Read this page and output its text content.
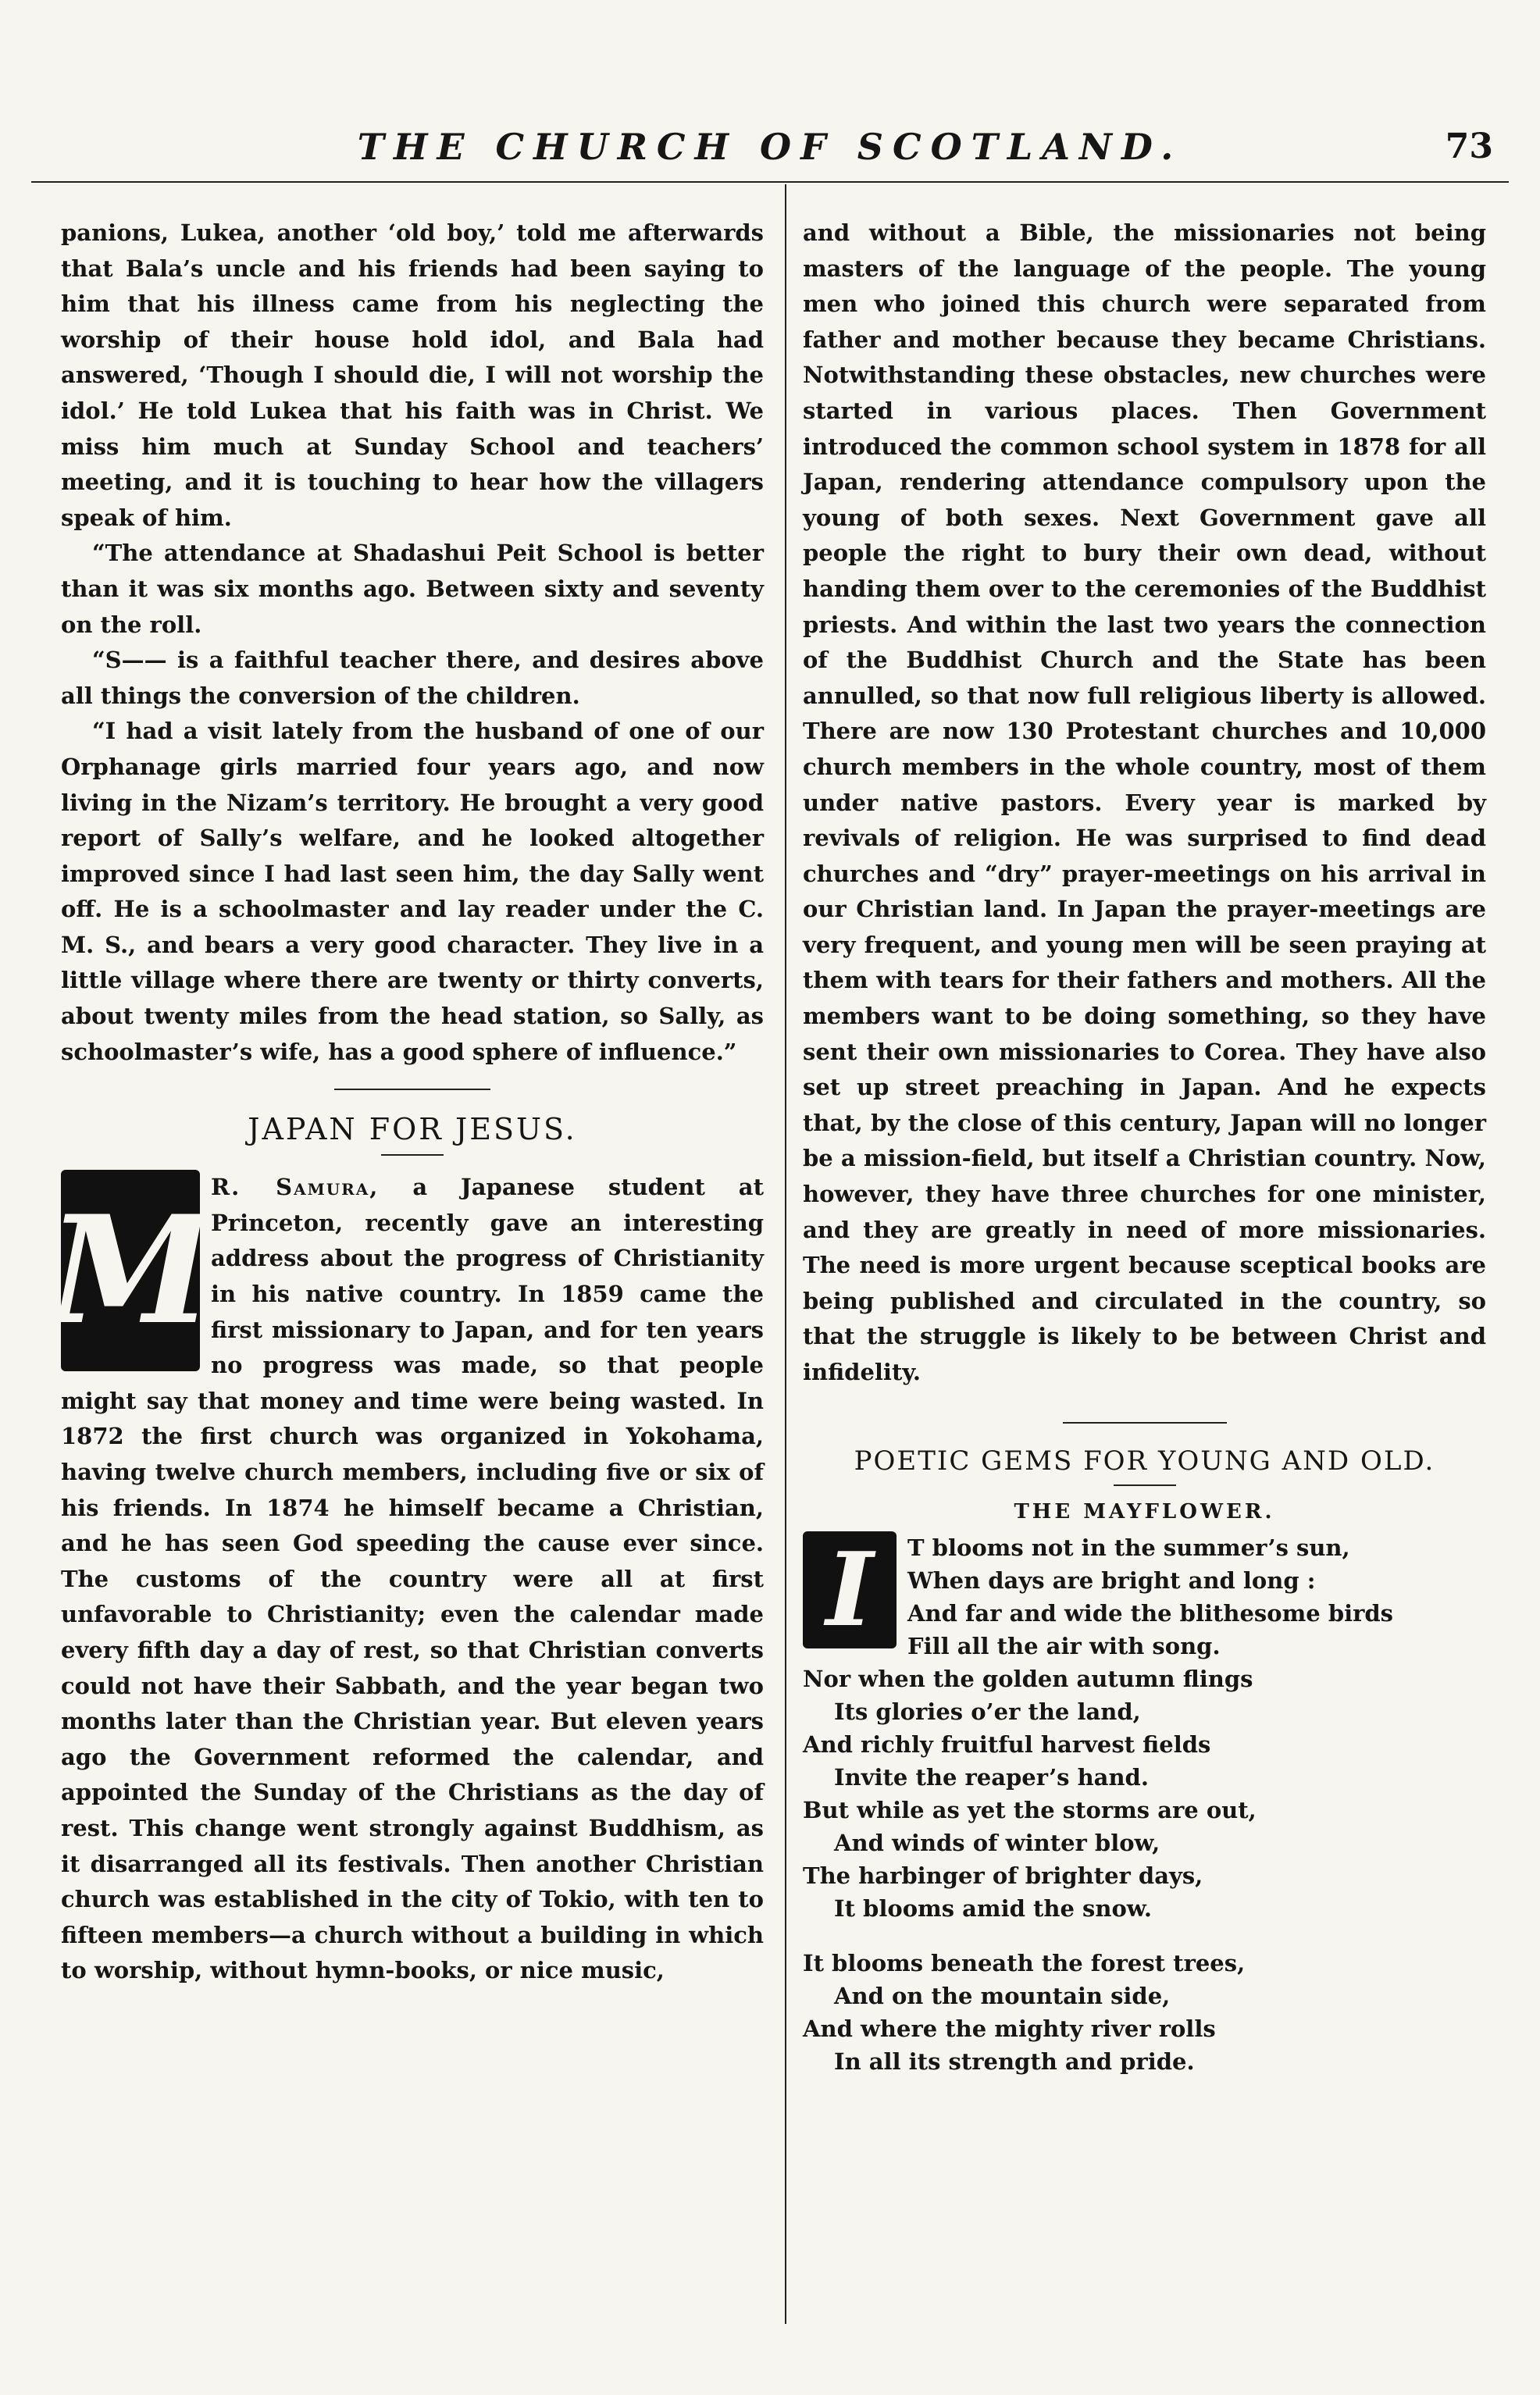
THE CHURCH OF SCOTLAND.	73

panions, Lukea, another ‘old boy,’ told me afterwards that Bala’s uncle and his friends had been saying to him that his illness came from his neglecting the worship of their house hold idol, and Bala had answered, ‘Though I should die, I will not worship the idol.’ He told Lukea that his faith was in Christ. We miss him much at Sunday School and teachers’ meeting, and it is touching to hear how the villagers speak of him.

“The attendance at Shadashui Peit School is better than it was six months ago. Between sixty and seventy on the roll.

“S—— is a faithful teacher there, and desires above all things the conversion of the children.

“I had a visit lately from the husband of one of our Orphanage girls married four years ago, and now living in the Nizam’s territory. He brought a very good report of Sally’s welfare, and he looked altogether improved since I had last seen him, the day Sally went off. He is a schoolmaster and lay reader under the C. M. S., and bears a very good character. They live in a little village where there are twenty or thirty converts, about twenty miles from the head station, so Sally, as schoolmaster’s wife, has a good sphere of influence.”

JAPAN FOR JESUS.
M

R. Samura, a Japanese student at Princeton, recently gave an interesting address about the progress of Christianity in his native country. In 1859 came the first missionary to Japan, and for ten years no progress was made, so that people might say that money and time were being wasted. In 1872 the first church was organized in Yokohama, having twelve church members, including five or six of his friends. In 1874 he himself became a Christian, and he has seen God speeding the cause ever since. The customs of the country were all at first unfavorable to Christianity; even the calendar made every fifth day a day of rest, so that Christian converts could not have their Sabbath, and the year began two months later than the Christian year. But eleven years ago the Government reformed the calendar, and appointed the Sunday of the Christians as the day of rest. This change went strongly against Buddhism, as it disarranged all its festivals. Then another Christian church was established in the city of Tokio, with ten to fifteen members—a church without a building in which to worship, without hymn-books, or nice music,

and without a Bible, the missionaries not being masters of the language of the people. The young men who joined this church were separated from father and mother because they became Christians. Notwithstanding these obstacles, new churches were started in various places. Then Government introduced the common school system in 1878 for all Japan, rendering attendance compulsory upon the young of both sexes. Next Government gave all people the right to bury their own dead, without handing them over to the ceremonies of the Buddhist priests. And within the last two years the connection of the Buddhist Church and the State has been annulled, so that now full religious liberty is allowed. There are now 130 Protestant churches and 10,000 church members in the whole country, most of them under native pastors. Every year is marked by revivals of religion. He was surprised to find dead churches and “dry” prayer-meetings on his arrival in our Christian land. In Japan the prayer-meetings are very frequent, and young men will be seen praying at them with tears for their fathers and mothers. All the members want to be doing something, so they have sent their own missionaries to Corea. They have also set up street preaching in Japan. And he expects that, by the close of this century, Japan will no longer be a mission-field, but itself a Christian country. Now, however, they have three churches for one minister, and they are greatly in need of more missionaries. The need is more urgent because sceptical books are being published and circulated in the country, so that the struggle is likely to be between Christ and infidelity.

POETIC GEMS FOR YOUNG AND OLD.
THE MAYFLOWER.
I	T blooms not in the summer’s sun,

When days are bright and long :

And far and wide the blithesome birds

Fill all the air with song.

Nor when the golden autumn flings

Its glories o’er the land,

And richly fruitful harvest fields

Invite the reaper’s hand.

But while as yet the storms are out,

And winds of winter blow,

The harbinger of brighter days,

It blooms amid the snow.

It blooms beneath the forest trees,

And on the mountain side,

And where the mighty river rolls

In all its strength and pride.
